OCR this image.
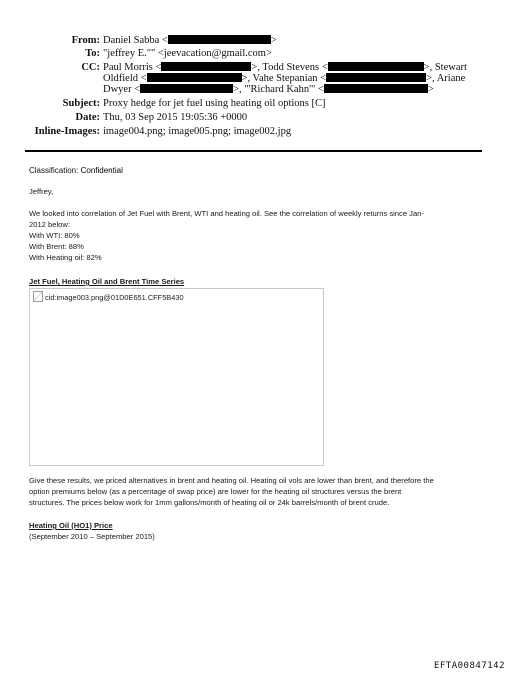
From: Daniel Sabba <	>
To: "jeffrey E."" <jeevacation@gmail.com>
CC: Paul Morris <	>, Todd Stevens <	>, Stewart
Oldfield <	>, Vahe Stepanian <	>, Ariane
Dwyer <	>, "'Richard Kahn'" <	>
Subject: Proxy hedge for jet fuel using heating oil options [C]
Date: Thu, 03 Sep 2015 19:05:36 +0000
Inline-Images: image004.png; image005.png; image002.jpg
Classification: Confidential
Jeffrey,
We looked into correlation of Jet Fuel with Brent, WTI and heating oil. See the correlation of weekly returns since Jan-
2012 below:
With WTI: 80%
With Brent: 88%
With Heating oil: 82%
Jet Fuel, Heating Oil and Brent Time Series
cid:image003.png@01D0E651.CFF5B430
Give these results, we priced alternatives in brent and heating oil. Heating oil vols are lower than brent, and therefore the
option premiums below (as a percentage of swap price) are lower for the heating oil structures versus the brent
structures. The prices below work for 1mm gallons/month of heating oil or 24k barrels/month of brent crude.
Heating Oil (HO1) Price
(September 2010 – September 2015)
EFTA00847142
